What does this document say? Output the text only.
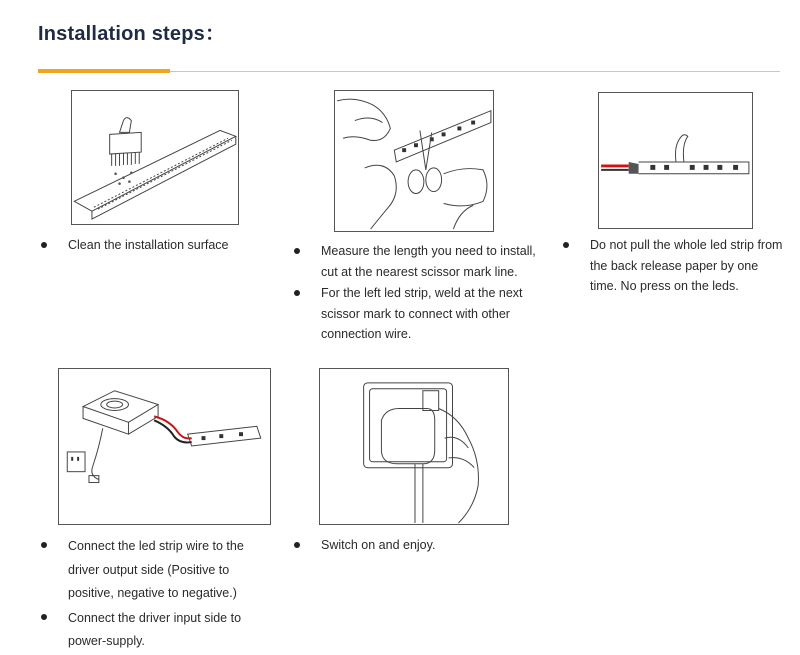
Installation steps：
Clean the installation surface	Measure the length you need to install, cut at the nearest scissor mark line.
For the left led strip, weld at the next scissor mark to connect with other connection wire.
Do not pull the whole led strip from the back release paper by one time. No press on the leds.
Connect the led strip wire to the driver output side (Positive to positive, negative to negative.)
Connect the driver input side to power-supply.
Switch on and enjoy.
